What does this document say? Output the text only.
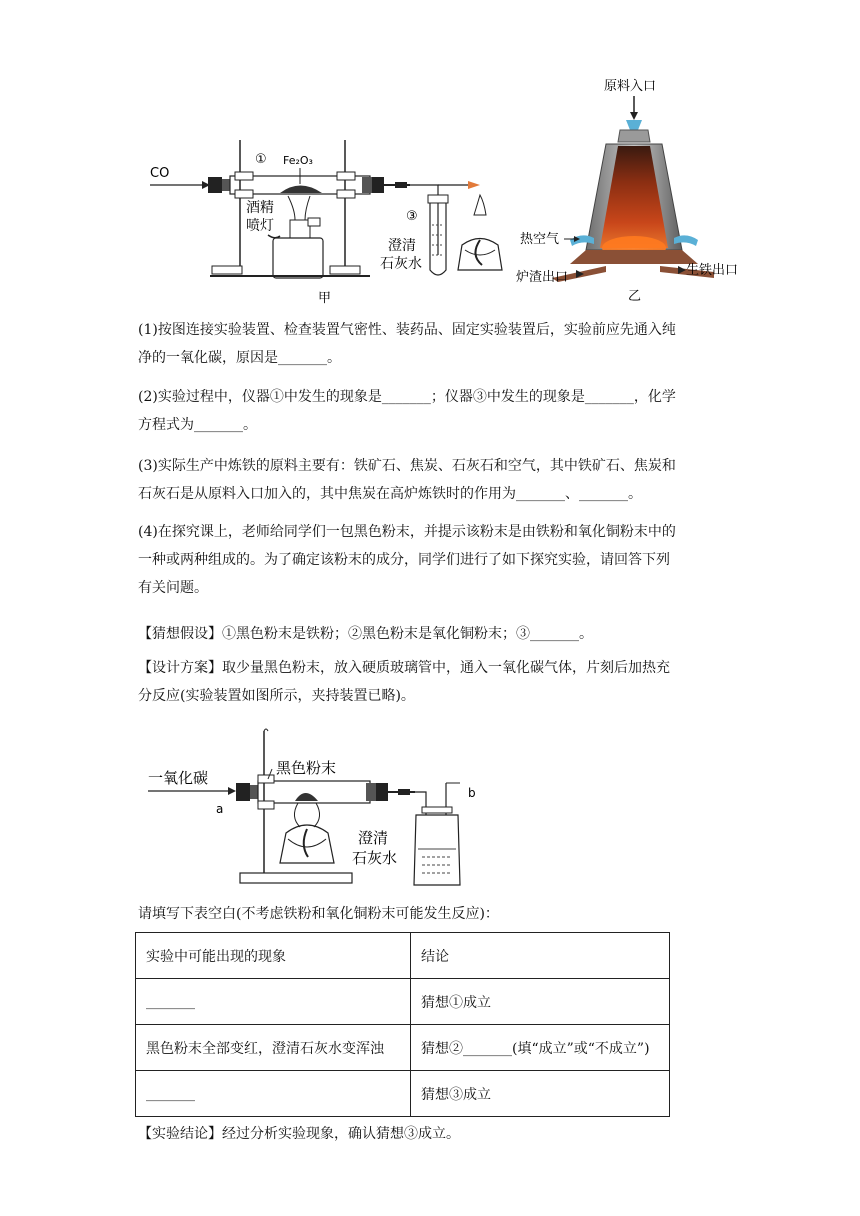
CO
① Fe₂O₃
酒精
喷灯
③
澄清
石灰水
甲
原料入口
热空气
炉渣出口	生铁出口
乙

(1)按图连接实验装置、检查装置气密性、装药品、固定实验装置后，实验前应先通入纯

净的一氧化碳，原因是_______。

(2)实验过程中，仪器①中发生的现象是_______；仪器③中发生的现象是_______，化学

方程式为_______。

(3)实际生产中炼铁的原料主要有：铁矿石、焦炭、石灰石和空气，其中铁矿石、焦炭和

石灰石是从原料入口加入的，其中焦炭在高炉炼铁时的作用为_______、_______。

(4)在探究课上，老师给同学们一包黑色粉末，并提示该粉末是由铁粉和氧化铜粉末中的

一种或两种组成的。为了确定该粉末的成分，同学们进行了如下探究实验，请回答下列

有关问题。

【猜想假设】①黑色粉末是铁粉；②黑色粉末是氧化铜粉末；③_______。

【设计方案】取少量黑色粉末，放入硬质玻璃管中，通入一氧化碳气体，片刻后加热充

分反应(实验装置如图所示，夹持装置已略)。

一氧化碳
a
b
黑色粉末
澄清
石灰水

请填写下表空白(不考虑铁粉和氧化铜粉末可能发生反应)：

实验中可能出现的现象	结论
_______	猜想①成立
黑色粉末全部变红，澄清石灰水变浑浊	猜想②_______(填“成立”或“不成立”)
_______	猜想③成立

【实验结论】经过分析实验现象，确认猜想③成立。
